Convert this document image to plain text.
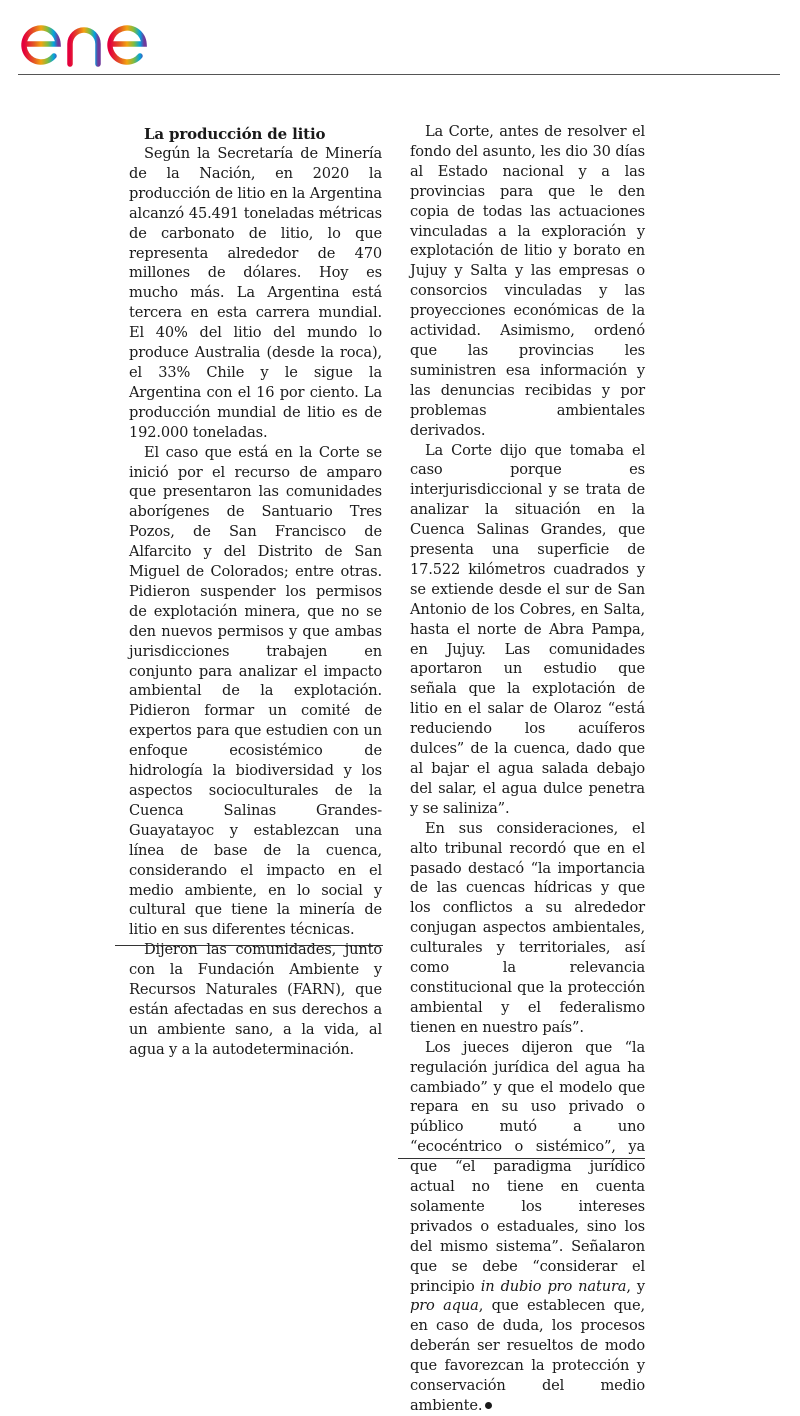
La producción de litio

Según la Secretaría de Minería de la Nación, en 2020 la producción de litio en la Argentina alcanzó 45.491 toneladas métricas de carbonato de litio, lo que representa alrededor de 470 millones de dólares. Hoy es mucho más. La Argentina está tercera en esta carrera mundial. El 40% del litio del mundo lo produce Australia (desde la roca), el 33% Chile y le sigue la Argentina con el 16 por ciento. La producción mundial de litio es de 192.000 toneladas.

El caso que está en la Corte se inició por el recurso de amparo que presentaron las comunidades aborígenes de Santuario Tres Pozos, de San Francisco de Alfarcito y del Distrito de San Miguel de Colorados; entre otras. Pidieron suspender los permisos de explotación minera, que no se den nuevos permisos y que ambas jurisdicciones trabajen en conjunto para analizar el impacto ambiental de la explotación. Pidieron formar un comité de expertos para que estudien con un enfoque ecosistémico de hidrología la biodiversidad y los aspectos socioculturales de la Cuenca Salinas Grandes-Guayatayoc y establezcan una línea de base de la cuenca, considerando el impacto en el medio ambiente, en lo social y cultural que tiene la minería de litio en sus diferentes técnicas.

Dijeron las comunidades, junto con la Fundación Ambiente y Recursos Naturales (FARN), que están afectadas en sus derechos a un ambiente sano, a la vida, al agua y a la autodeterminación.

La Corte, antes de resolver el fondo del asunto, les dio 30 días al Estado nacional y a las provincias para que le den copia de todas las actuaciones vinculadas a la exploración y explotación de litio y borato en Jujuy y Salta y las empresas o consorcios vinculadas y las proyecciones económicas de la actividad. Asimismo, ordenó que las provincias les suministren esa información y las denuncias recibidas y por problemas ambientales derivados.

La Corte dijo que tomaba el caso porque es interjurisdiccional y se trata de analizar la situación en la Cuenca Salinas Grandes, que presenta una superficie de 17.522 kilómetros cuadrados y se extiende desde el sur de San Antonio de los Cobres, en Salta, hasta el norte de Abra Pampa, en Jujuy. Las comunidades aportaron un estudio que señala que la explotación de litio en el salar de Olaroz “está reduciendo los acuíferos dulces” de la cuenca, dado que al bajar el agua salada debajo del salar, el agua dulce penetra y se saliniza”.

En sus consideraciones, el alto tribunal recordó que en el pasado destacó “la importancia de las cuencas hídricas y que los conflictos a su alrededor conjugan aspectos ambientales, culturales y territoriales, así como la relevancia constitucional que la protección ambiental y el federalismo tienen en nuestro país”.

Los jueces dijeron que “la regulación jurídica del agua ha cambiado” y que el modelo que repara en su uso privado o público mutó a uno “ecocéntrico o sistémico”, ya que “el paradigma jurídico actual no tiene en cuenta solamente los intereses privados o estaduales, sino los del mismo sistema”. Señalaron que se debe “considerar el principio in dubio pro natura, y pro aqua, que establecen que, en caso de duda, los procesos deberán ser resueltos de modo que favorezcan la protección y conservación del medio ambiente.
